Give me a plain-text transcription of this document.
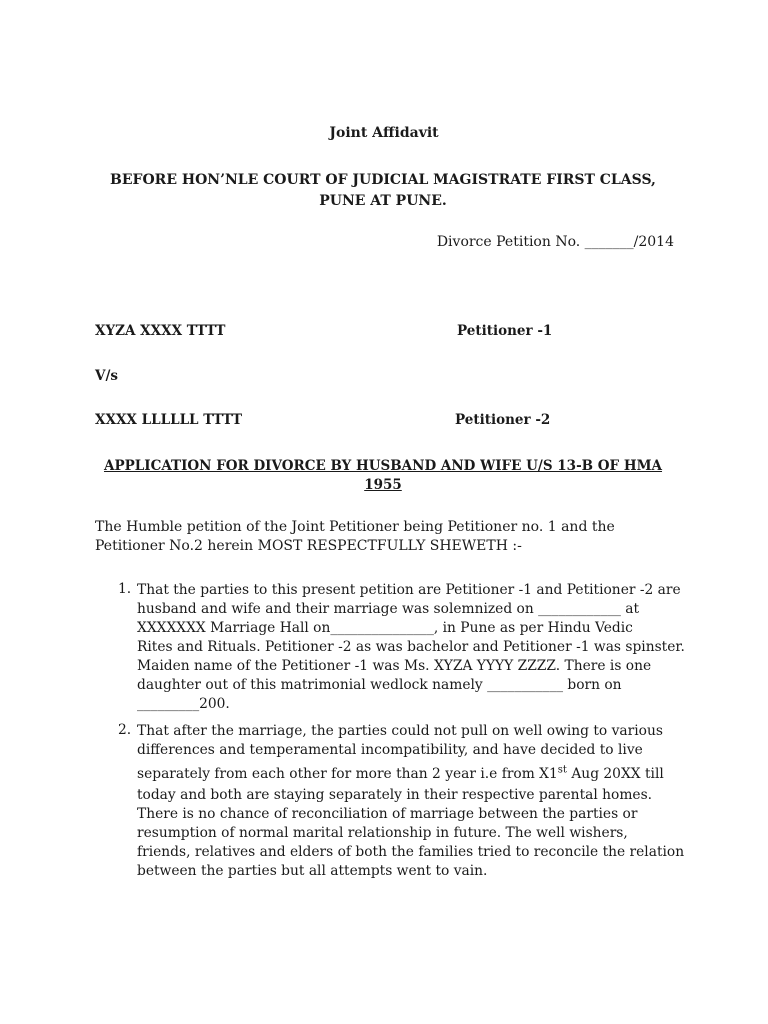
Joint Affidavit
BEFORE HON’NLE COURT OF JUDICIAL MAGISTRATE FIRST CLASS, PUNE AT PUNE.
Divorce Petition No. _______/2014
XYZA XXXX TTTT	Petitioner -1
V/s
XXXX LLLLLL TTTT	Petitioner -2
APPLICATION FOR DIVORCE BY HUSBAND AND WIFE U/S 13-B OF HMA 1955
The Humble petition of the Joint Petitioner being Petitioner no. 1 and the Petitioner No.2 herein MOST RESPECTFULLY SHEWETH :-
1. That the parties to this present petition are Petitioner -1 and Petitioner -2 are
husband and wife and their marriage was solemnized on ____________ at
XXXXXXX Marriage Hall on_______________, in Pune as per Hindu Vedic
Rites and Rituals. Petitioner -2 as was bachelor and Petitioner -1 was spinster.
Maiden name of the Petitioner -1 was Ms. XYZA YYYY ZZZZ. There is one
daughter out of this matrimonial wedlock namely ___________ born on
_________200.
2. That after the marriage, the parties could not pull on well owing to various
differences and temperamental incompatibility, and have decided to live
separately from each other for more than 2 year i.e from X1st Aug 20XX till
today and both are staying separately in their respective parental homes.
There is no chance of reconciliation of marriage between the parties or
resumption of normal marital relationship in future. The well wishers,
friends, relatives and elders of both the families tried to reconcile the relation
between the parties but all attempts went to vain.
